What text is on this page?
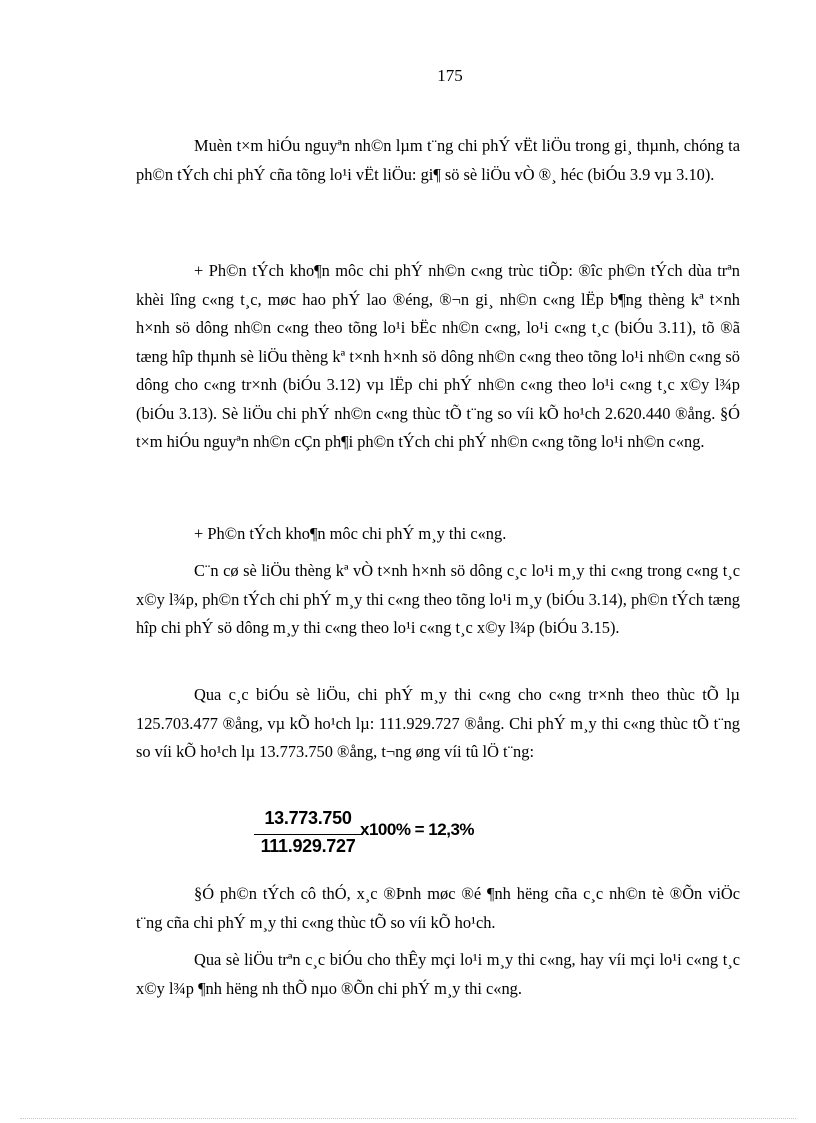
175

Muèn t×m hiÓu nguyªn nh©n lµm t¨ng chi phÝ vËt liÖu trong gi¸ thµnh, chóng ta ph©n tÝch chi phÝ cña tõng lo¹i vËt liÖu: gi¶ sö sè liÖu vÒ ®¸ héc (biÓu 3.9 vµ 3.10).

+ Ph©n tÝch kho¶n môc chi phÝ nh©n c«ng trùc tiÕp: ®îc ph©n tÝch dùa trªn khèi lîng c«ng t¸c, møc hao phÝ lao ®éng, ®¬n gi¸ nh©n c«ng lËp b¶ng thèng kª t×nh h×nh sö dông nh©n c«ng theo tõng lo¹i bËc nh©n c«ng, lo¹i c«ng t¸c (biÓu 3.11), tõ ®ã tæng hîp thµnh sè liÖu thèng kª t×nh h×nh sö dông nh©n c«ng theo tõng lo¹i nh©n c«ng sö dông cho c«ng tr×nh (biÓu 3.12) vµ lËp chi phÝ nh©n c«ng theo lo¹i c«ng t¸c x©y l¾p (biÓu 3.13). Sè liÖu chi phÝ nh©n c«ng thùc tÕ t¨ng so víi kÕ ho¹ch 2.620.440 ®ång. §Ó t×m hiÓu nguyªn nh©n cÇn ph¶i ph©n tÝch chi phÝ nh©n c«ng tõng lo¹i nh©n c«ng.

+ Ph©n tÝch kho¶n môc chi phÝ m¸y thi c«ng.

C¨n cø sè liÖu thèng kª vÒ t×nh h×nh sö dông c¸c lo¹i m¸y thi c«ng trong c«ng t¸c x©y l¾p, ph©n tÝch chi phÝ m¸y thi c«ng theo tõng lo¹i m¸y (biÓu 3.14), ph©n tÝch tæng hîp chi phÝ sö dông m¸y thi c«ng theo lo¹i c«ng t¸c x©y l¾p (biÓu 3.15).

Qua c¸c biÓu sè liÖu, chi phÝ m¸y thi c«ng cho c«ng tr×nh theo thùc tÕ lµ 125.703.477 ®ång, vµ kÕ ho¹ch lµ: 111.929.727 ®ång. Chi phÝ m¸y thi c«ng thùc tÕ t¨ng so víi kÕ ho¹ch lµ 13.773.750 ®ång, t¬ng øng víi tû lÖ t¨ng:

13.773.750
111.929.727
x100% = 12,3%

§Ó ph©n tÝch cô thÓ, x¸c ®Þnh møc ®é ¶nh hëng cña c¸c nh©n tè ®Õn viÖc t¨ng cña chi phÝ m¸y thi c«ng thùc tÕ so víi kÕ ho¹ch.

Qua sè liÖu trªn c¸c biÓu cho thÊy mçi lo¹i m¸y thi c«ng, hay víi mçi lo¹i c«ng t¸c x©y l¾p ¶nh hëng nh thÕ nµo ®Õn chi phÝ m¸y thi c«ng.
